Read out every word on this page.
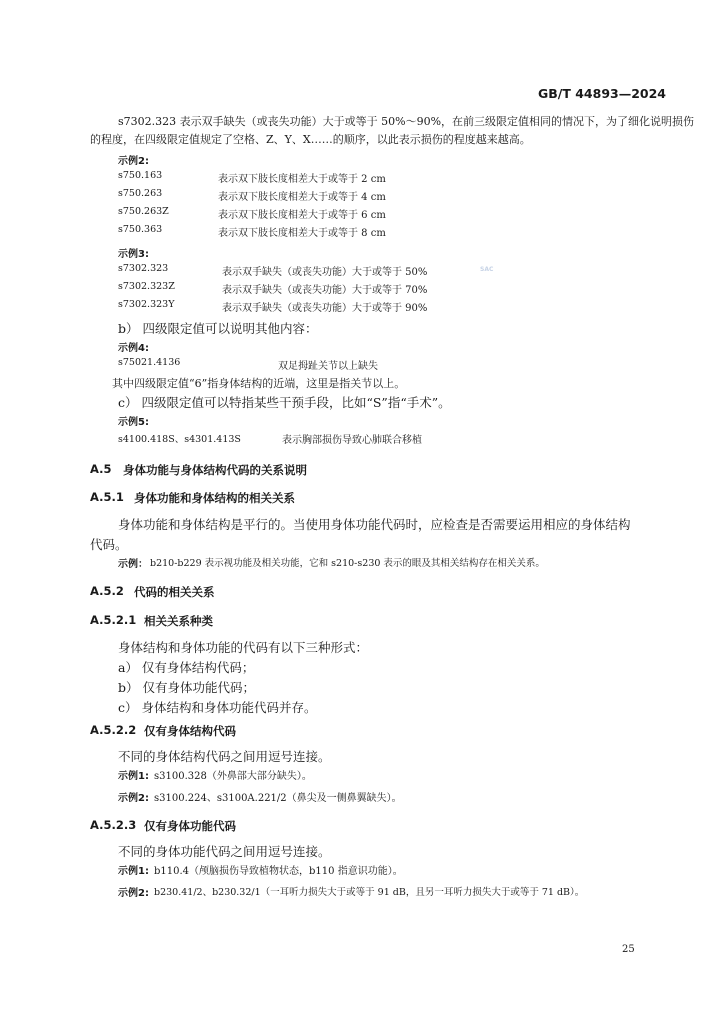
GB/T 44893—2024
s7302.323 表示双手缺失（或丧失功能）大于或等于 50%～90%，在前三级限定值相同的情况下，为了细化说明损伤
的程度，在四级限定值规定了空格、Z、Y、X……的顺序，以此表示损伤的程度越来越高。
示例2:
s750.163	表示双下肢长度相差大于或等于 2 cm
s750.263	表示双下肢长度相差大于或等于 4 cm
s750.263Z	表示双下肢长度相差大于或等于 6 cm
s750.363	表示双下肢长度相差大于或等于 8 cm
示例3:
s7302.323	表示双手缺失（或丧失功能）大于或等于 50%
s7302.323Z	表示双手缺失（或丧失功能）大于或等于 70%
s7302.323Y	表示双手缺失（或丧失功能）大于或等于 90%
SAC
b） 四级限定值可以说明其他内容：
示例4:
s75021.4136	双足拇趾关节以上缺失
其中四级限定值“6”指身体结构的近端，这里是指关节以上。
c） 四级限定值可以特指某些干预手段，比如“S”指“手术”。
示例5:
s4100.418S、s4301.413S	表示胸部损伤导致心肺联合移植
A.5 身体功能与身体结构代码的关系说明
A.5.1 身体功能和身体结构的相关关系
身体功能和身体结构是平行的。当使用身体功能代码时，应检查是否需要运用相应的身体结构
代码。
示例： b210-b229 表示视功能及相关功能，它和 s210-s230 表示的眼及其相关结构存在相关关系。
A.5.2 代码的相关关系
A.5.2.1 相关关系种类
身体结构和身体功能的代码有以下三种形式：
a） 仅有身体结构代码；
b） 仅有身体功能代码；
c） 身体结构和身体功能代码并存。
A.5.2.2 仅有身体结构代码
不同的身体结构代码之间用逗号连接。
示例1: s3100.328（外鼻部大部分缺失）。
示例2: s3100.224、s3100A.221/2（鼻尖及一侧鼻翼缺失）。
A.5.2.3 仅有身体功能代码
不同的身体功能代码之间用逗号连接。
示例1: b110.4（颅脑损伤导致植物状态，b110 指意识功能）。
示例2: b230.41/2、b230.32/1（一耳听力损失大于或等于 91 dB，且另一耳听力损失大于或等于 71 dB）。
25
